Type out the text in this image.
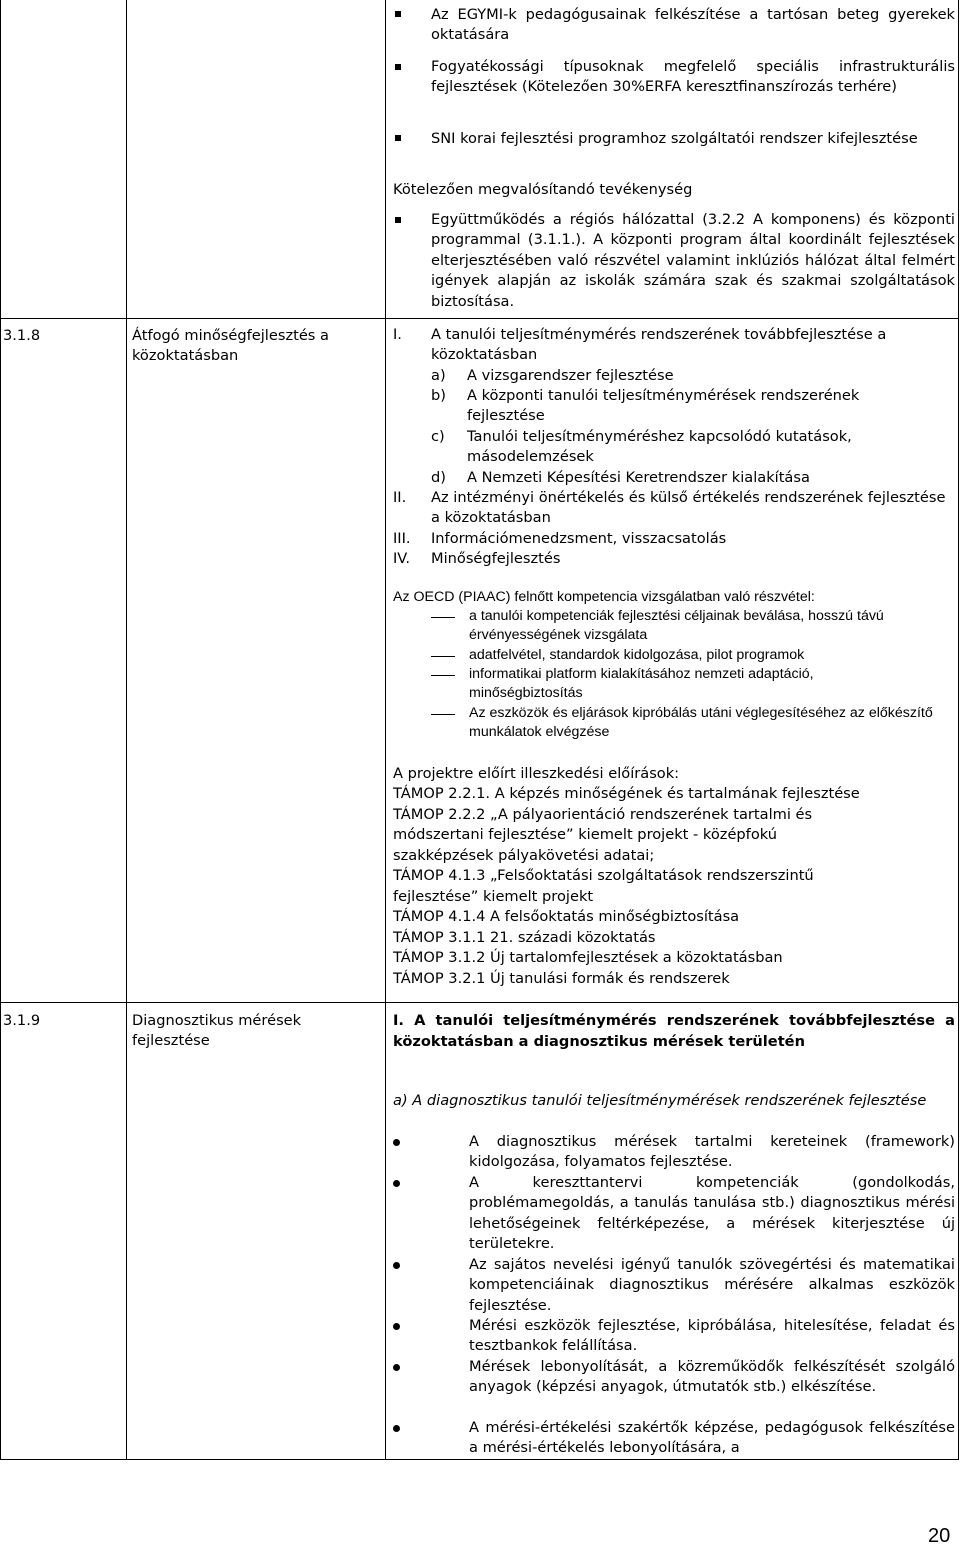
Az EGYMI-k pedagógusainak felkészítése a tartósan beteg gyerekek oktatására
Fogyatékossági típusoknak megfelelő speciális infrastrukturális fejlesztések (Kötelezően 30%ERFA keresztfinanszírozás terhére)
SNI korai fejlesztési programhoz szolgáltatói rendszer kifejlesztése
Kötelezően megvalósítandó tevékenység
Együttműködés a régiós hálózattal (3.2.2 A komponens) és központi programmal (3.1.1.). A központi program által koordinált fejlesztések elterjesztésében való részvétel valamint inklúziós hálózat által felmért igények alapján az iskolák számára szak és szakmai szolgáltatások biztosítása.
3.1.8	Átfogó minőségfejlesztés a közoktatásban
I. A tanulói teljesítménymérés rendszerének továbbfejlesztése a közoktatásban
a) A vizsgarendszer fejlesztése
b) A központi tanulói teljesítménymérések rendszerének fejlesztése
c) Tanulói teljesítményméréshez kapcsolódó kutatások, másodelemzések
d) A Nemzeti Képesítési Keretrendszer kialakítása
II. Az intézményi önértékelés és külső értékelés rendszerének fejlesztése a közoktatásban
III. Információmenedzsment, visszacsatolás
IV. Minőségfejlesztés
Az OECD (PIAAC) felnőtt kompetencia vizsgálatban való részvétel:
a tanulói kompetenciák fejlesztési céljainak beválása, hosszú távú érvényességének vizsgálata
adatfelvétel, standardok kidolgozása, pilot programok
informatikai platform kialakításához nemzeti adaptáció, minőségbiztosítás
Az eszközök és eljárások kipróbálás utáni véglegesítéséhez az előkészítő munkálatok elvégzése
A projektre előírt illeszkedési előírások:
TÁMOP 2.2.1. A képzés minőségének és tartalmának fejlesztése
TÁMOP 2.2.2 „A pályaorientáció rendszerének tartalmi és
módszertani fejlesztése” kiemelt projekt - középfokú
szakképzések pályakövetési adatai;
TÁMOP 4.1.3 „Felsőoktatási szolgáltatások rendszerszintű
fejlesztése” kiemelt projekt
TÁMOP 4.1.4 A felsőoktatás minőségbiztosítása
TÁMOP 3.1.1 21. századi közoktatás
TÁMOP 3.1.2 Új tartalomfejlesztések a közoktatásban
TÁMOP 3.2.1 Új tanulási formák és rendszerek
3.1.9	Diagnosztikus mérések fejlesztése
I. A tanulói teljesítménymérés rendszerének továbbfejlesztése a közoktatásban a diagnosztikus mérések területén
a) A diagnosztikus tanulói teljesítménymérések rendszerének fejlesztése
A diagnosztikus mérések tartalmi kereteinek (framework) kidolgozása, folyamatos fejlesztése.
A kereszttantervi kompetenciák (gondolkodás, problémamegoldás, a tanulás tanulása stb.) diagnosztikus mérési lehetőségeinek feltérképezése, a mérések kiterjesztése új területekre.
Az sajátos nevelési igényű tanulók szövegértési és matematikai kompetenciáinak diagnosztikus mérésére alkalmas eszközök fejlesztése.
Mérési eszközök fejlesztése, kipróbálása, hitelesítése, feladat és tesztbankok felállítása.
Mérések lebonyolítását, a közreműködők felkészítését szolgáló anyagok (képzési anyagok, útmutatók stb.) elkészítése.
A mérési-értékelési szakértők képzése, pedagógusok felkészítése a mérési-értékelés lebonyolítására, a
20
